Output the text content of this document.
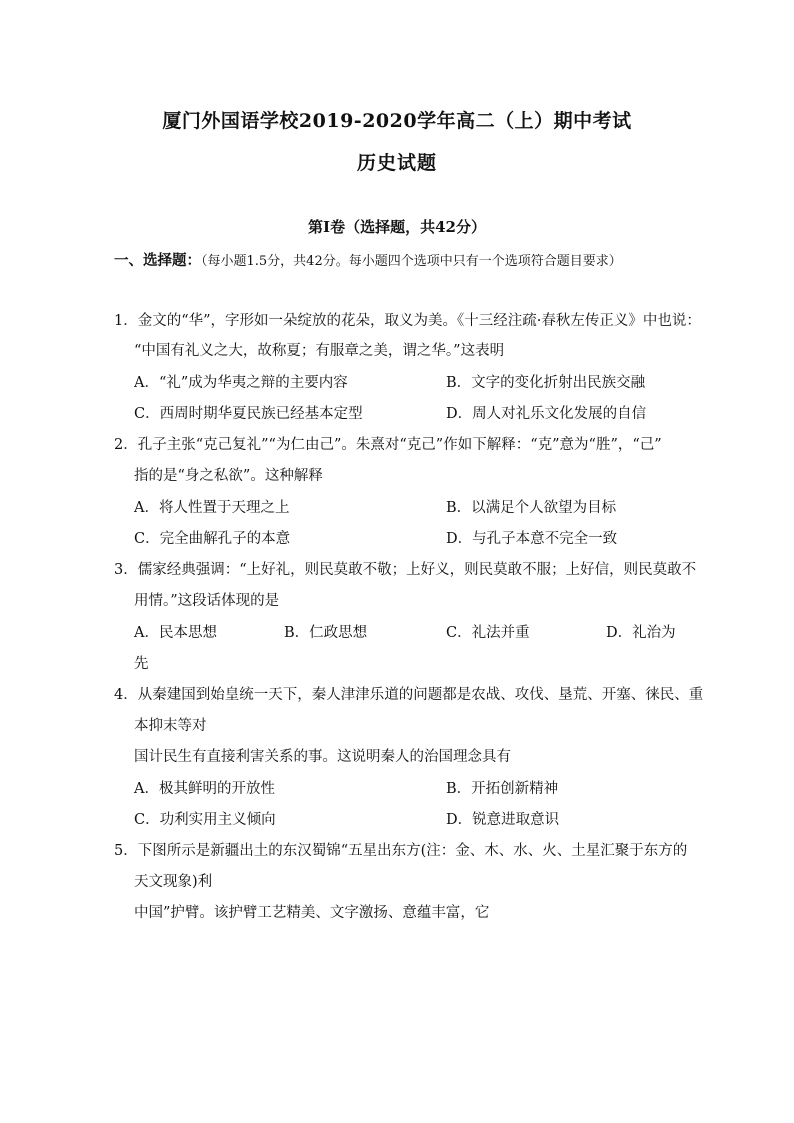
厦门外国语学校2019-2020学年高二（上）期中考试
历史试题
第Ⅰ卷（选择题，共42分）
一、选择题：（每小题1.5分，共42分。每小题四个选项中只有一个选项符合题目要求）
1．金文的“华”，字形如一朵绽放的花朵，取义为美。《十三经注疏·春秋左传正义》中也说：
“中国有礼义之大，故称夏；有服章之美，谓之华。”这表明
A．“礼”成为华夷之辩的主要内容	B．文字的变化折射出民族交融
C．西周时期华夏民族已经基本定型	D．周人对礼乐文化发展的自信
2．孔子主张“克己复礼”“为仁由己”。朱熹对“克己”作如下解释：“克”意为“胜”，“己”
指的是“身之私欲”。这种解释
A．将人性置于天理之上	B．以满足个人欲望为目标
C．完全曲解孔子的本意	D．与孔子本意不完全一致
3．儒家经典强调：“上好礼，则民莫敢不敬；上好义，则民莫敢不服；上好信，则民莫敢不
用情。”这段话体现的是
A．民本思想	B．仁政思想	C．礼法并重	D．礼治为
先
4．从秦建国到始皇统一天下，秦人津津乐道的问题都是农战、攻伐、垦荒、开塞、徕民、重
本抑末等对
国计民生有直接利害关系的事。这说明秦人的治国理念具有
A．极其鲜明的开放性	B．开拓创新精神
C．功利实用主义倾向	D．锐意进取意识
5．下图所示是新疆出土的东汉蜀锦“五星出东方(注：金、木、水、火、土星汇聚于东方的
天文现象)利
中国”护臂。该护臂工艺精美、文字激扬、意蕴丰富，它
